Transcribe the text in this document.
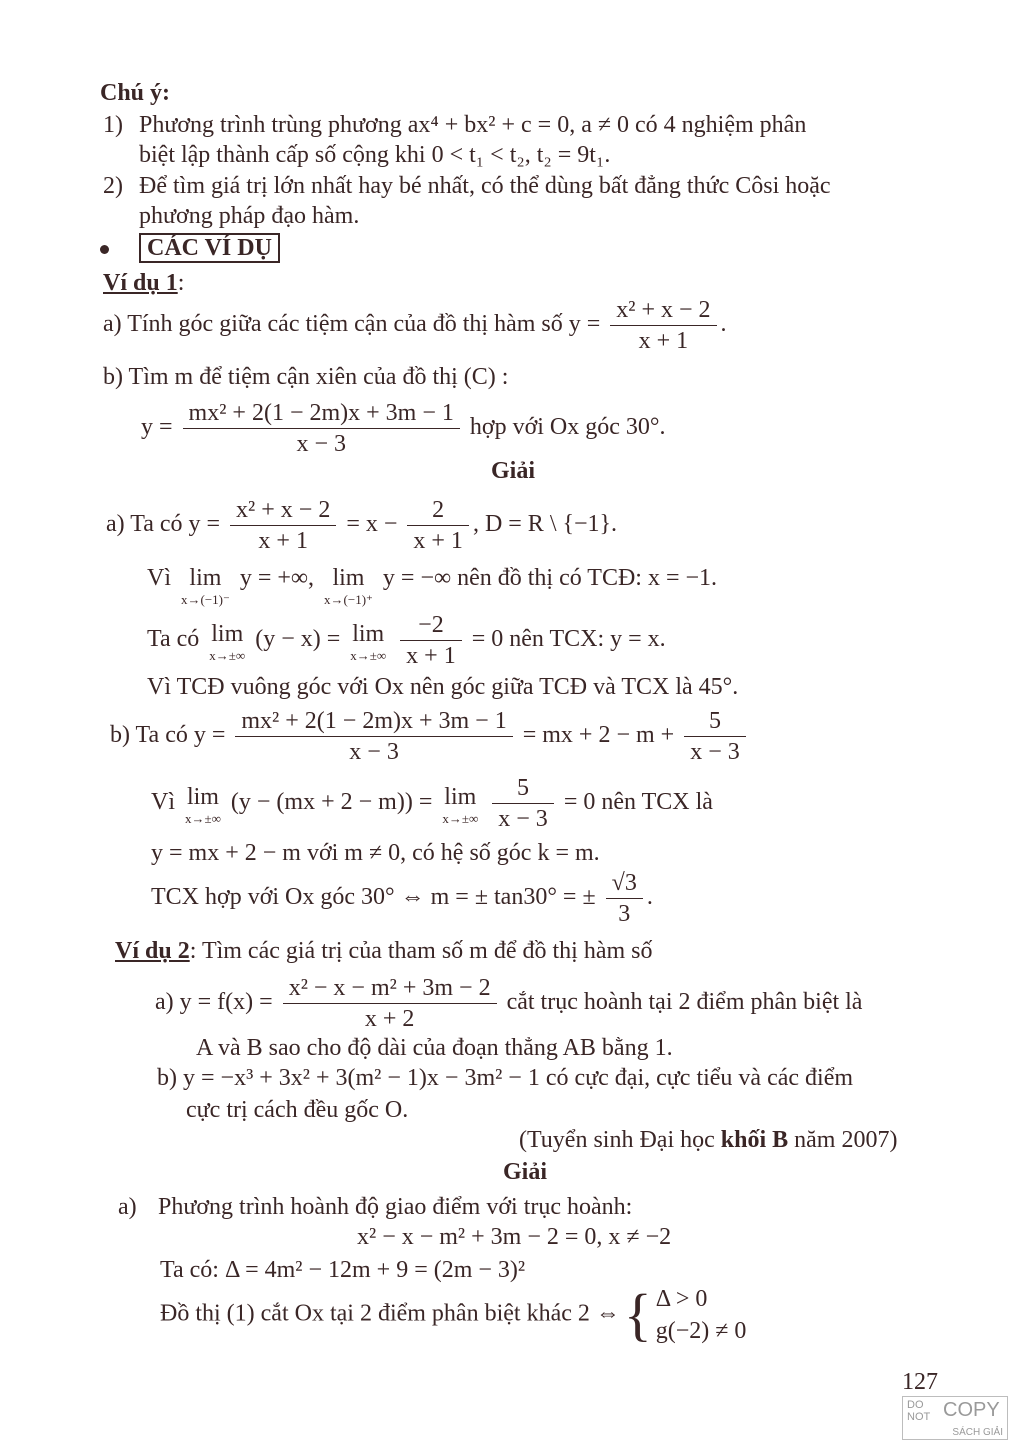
Chú ý:
1) Phương trình trùng phương ax⁴ + bx² + c = 0, a ≠ 0 có 4 nghiệm phân
biệt lập thành cấp số cộng khi 0 < t₁ < t₂, t₂ = 9t₁.
2) Để tìm giá trị lớn nhất hay bé nhất, có thể dùng bất đẳng thức Côsi hoặc
phương pháp đạo hàm.
CÁC VÍ DỤ
Ví dụ 1:
a) Tính góc giữa các tiệm cận của đồ thị hàm số $y = \frac{\text{x² + x − 2}}{x + 1}$ .
b) Tìm m để tiệm cận xiên của đồ thị (C) :
$y = \frac{\text{mx² + 2(1 − 2m)x + 3m − 1}}{x - 3}$ hợp với Ox góc 30°.
Giải
a) Ta có $y = \frac{\text{x² + x − 2}}{x + 1} = x - \frac{2}{x + 1}$ , D = R \ {−1}.
Vì lim
x→(−1)⁻
y = +∞, lim
x→(−1)⁺
y = −∞ nên đồ thị có TCĐ: x = −1.
Ta có lim
x→±∞
(y − x) = lim
x→±∞
$\frac{-2}{x + 1} = 0$ nên TCX: y = x.
Vì TCĐ vuông góc với Ox nên góc giữa TCĐ và TCX là 45°.
b) Ta có $y = \frac{\text{mx² + 2(1 − 2m)x + 3m − 1}}{x - 3}$ = mx + $2 - m + \frac{5}{x - 3}$
Vì lim
x→±∞
(y − (mx + 2 − m)) = lim
x→±∞
$\frac{5}{x - 3} = 0$ nên TCX là
y = mx + 2 − m với m ≠ 0, có hệ số góc k = m.
TCX hợp với Ox góc 30° ⇔ m = ± tan30° = ± $\frac{√3}{3}$ .
Ví dụ 2: Tìm các giá trị của tham số m để đồ thị hàm số
a) $y = f(x) = \frac{\text{x² − x − m² + 3m − 2}}{x + 2}$ cắt trục hoành tại 2 điểm phân biệt là
A và B sao cho độ dài của đoạn thẳng AB bằng 1.
b) y = −x³ + 3x² + 3(m² − 1)x − 3m² − 1 có cực đại, cực tiểu và các điểm
cực trị cách đều gốc O.
(Tuyển sinh Đại học khối B năm 2007)
Giải
a) Phương trình hoành độ giao điểm với trục hoành:
x² − x − m² + 3m − 2 = 0, x ≠ −2
Ta có: Δ = 4m² − 12m + 9 = (2m − 3)²
Đồ thị (1) cắt Ox tại 2 điểm phân biệt khác 2 ⇔{ Δ > 0
g(−2) ≠ 0
127
DO
NOT COPY
SÁCH GIẢI
